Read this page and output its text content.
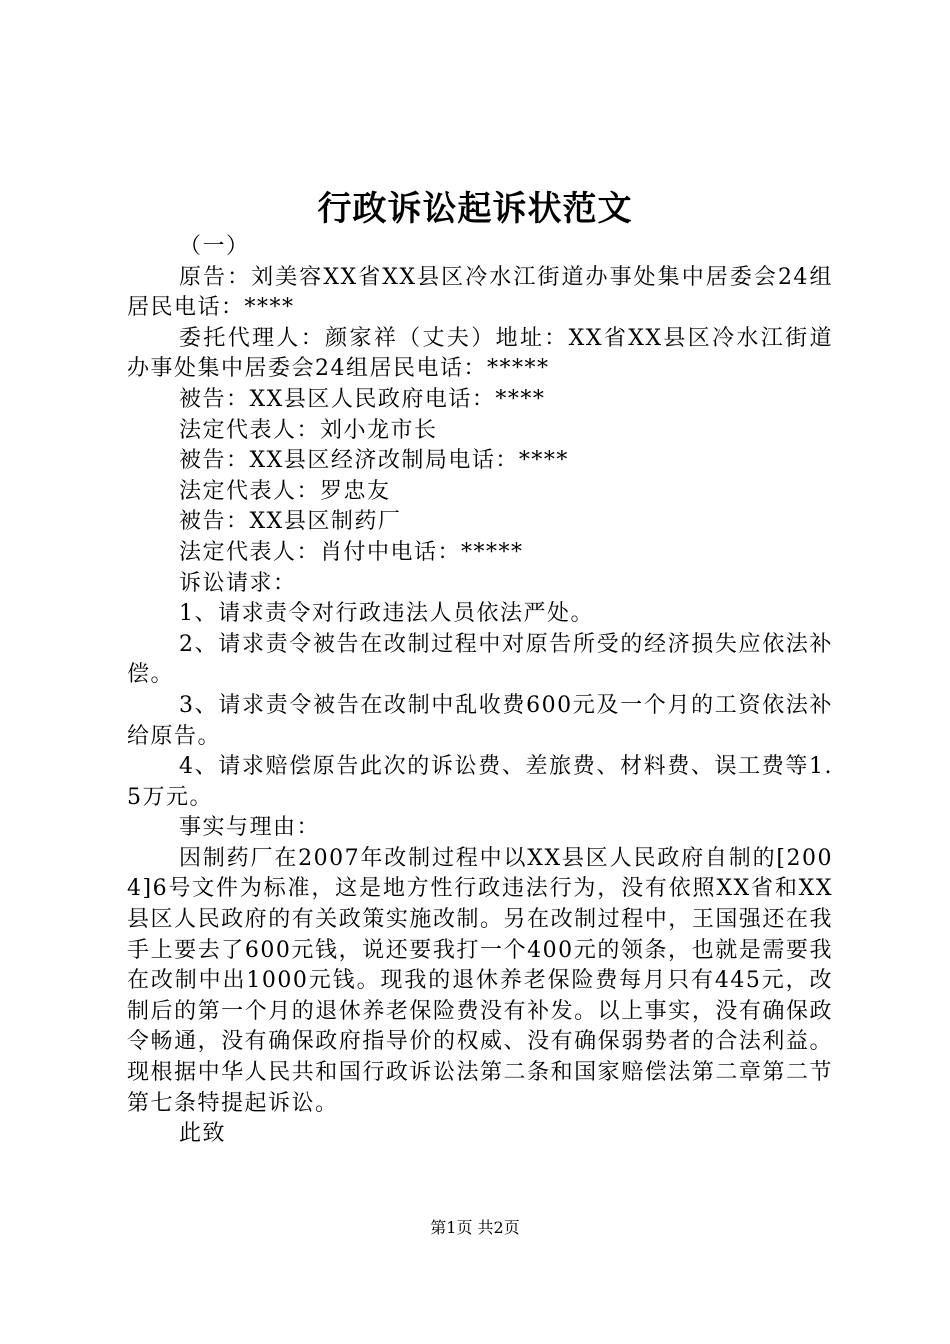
行政诉讼起诉状范文

（一）

原告：刘美容XX省XX县区冷水江街道办事处集中居委会24组居民电话：****

委托代理人：颜家祥（丈夫）地址：XX省XX县区冷水江街道办事处集中居委会24组居民电话：*****

被告：XX县区人民政府电话：****

法定代表人：刘小龙市长

被告：XX县区经济改制局电话：****

法定代表人：罗忠友

被告：XX县区制药厂

法定代表人：肖付中电话：*****

诉讼请求：

1、请求责令对行政违法人员依法严处。

2、请求责令被告在改制过程中对原告所受的经济损失应依法补偿。

3、请求责令被告在改制中乱收费600元及一个月的工资依法补给原告。

4、请求赔偿原告此次的诉讼费、差旅费、材料费、误工费等1.5万元。

事实与理由：

因制药厂在2007年改制过程中以XX县区人民政府自制的[2004]6号文件为标准，这是地方性行政违法行为，没有依照XX省和XX县区人民政府的有关政策实施改制。另在改制过程中，王国强还在我手上要去了600元钱，说还要我打一个400元的领条，也就是需要我在改制中出1000元钱。现我的退休养老保险费每月只有445元，改制后的第一个月的退休养老保险费没有补发。以上事实，没有确保政令畅通，没有确保政府指导价的权威、没有确保弱势者的合法利益。现根据中华人民共和国行政诉讼法第二条和国家赔偿法第二章第二节第七条特提起诉讼。

此致

第1页 共2页
